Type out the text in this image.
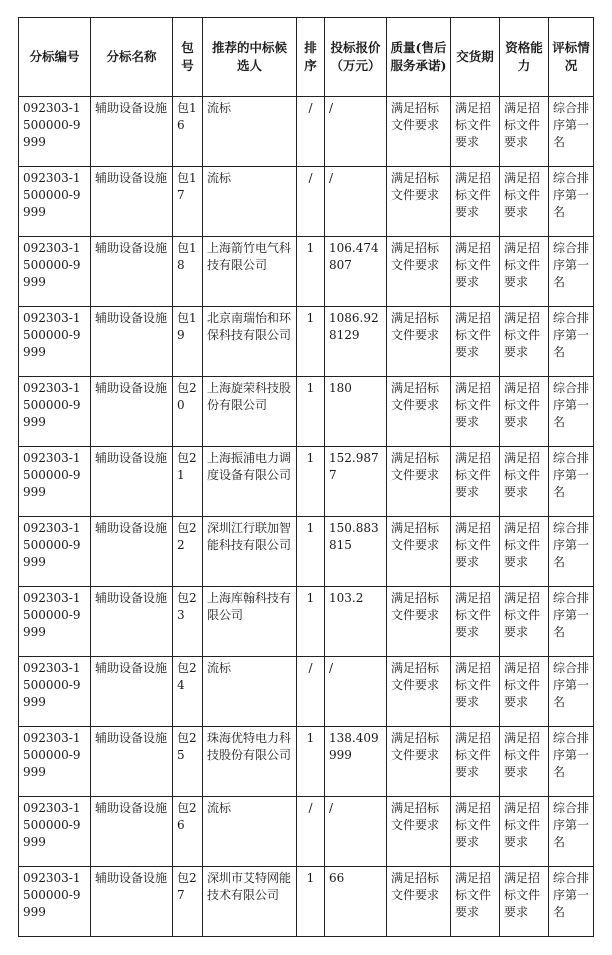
分标编号	分标名称	包号	推荐的中标候选人	排序	投标报价（万元）	质量(售后服务承诺)	交货期	资格能力	评标情况
092303-1500000-9999	辅助设备设施	包16	流标	/	/	满足招标文件要求	满足招标文件要求	满足招标文件要求	综合排序第一名
092303-1500000-9999	辅助设备设施	包17	流标	/	/	满足招标文件要求	满足招标文件要求	满足招标文件要求	综合排序第一名
092303-1500000-9999	辅助设备设施	包18	上海箭竹电气科技有限公司	1	106.474807	满足招标文件要求	满足招标文件要求	满足招标文件要求	综合排序第一名
092303-1500000-9999	辅助设备设施	包19	北京南瑞怡和环保科技有限公司	1	1086.928129	满足招标文件要求	满足招标文件要求	满足招标文件要求	综合排序第一名
092303-1500000-9999	辅助设备设施	包20	上海旋荣科技股份有限公司	1	180	满足招标文件要求	满足招标文件要求	满足招标文件要求	综合排序第一名
092303-1500000-9999	辅助设备设施	包21	上海振浦电力调度设备有限公司	1	152.9877	满足招标文件要求	满足招标文件要求	满足招标文件要求	综合排序第一名
092303-1500000-9999	辅助设备设施	包22	深圳江行联加智能科技有限公司	1	150.883815	满足招标文件要求	满足招标文件要求	满足招标文件要求	综合排序第一名
092303-1500000-9999	辅助设备设施	包23	上海库翰科技有限公司	1	103.2	满足招标文件要求	满足招标文件要求	满足招标文件要求	综合排序第一名
092303-1500000-9999	辅助设备设施	包24	流标	/	/	满足招标文件要求	满足招标文件要求	满足招标文件要求	综合排序第一名
092303-1500000-9999	辅助设备设施	包25	珠海优特电力科技股份有限公司	1	138.409999	满足招标文件要求	满足招标文件要求	满足招标文件要求	综合排序第一名
092303-1500000-9999	辅助设备设施	包26	流标	/	/	满足招标文件要求	满足招标文件要求	满足招标文件要求	综合排序第一名
092303-1500000-9999	辅助设备设施	包27	深圳市艾特网能技术有限公司	1	66	满足招标文件要求	满足招标文件要求	满足招标文件要求	综合排序第一名
